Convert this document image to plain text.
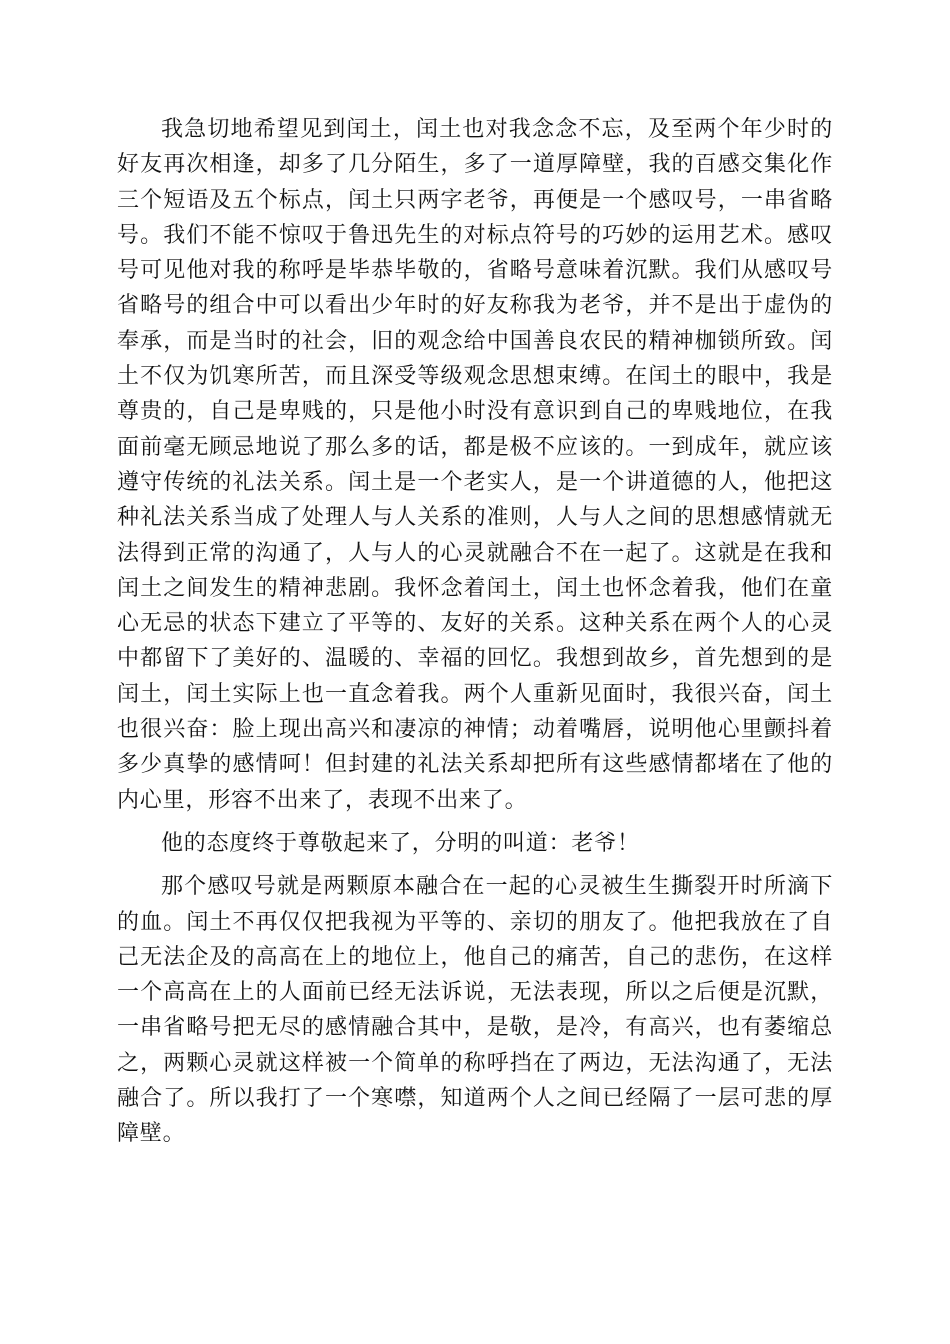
我急切地希望见到闰土，闰土也对我念念不忘，及至两个年少时的好友再次相逢，却多了几分陌生，多了一道厚障壁，我的百感交集化作三个短语及五个标点，闰土只两字老爷，再便是一个感叹号，一串省略号。我们不能不惊叹于鲁迅先生的对标点符号的巧妙的运用艺术。感叹号可见他对我的称呼是毕恭毕敬的，省略号意味着沉默。我们从感叹号省略号的组合中可以看出少年时的好友称我为老爷，并不是出于虚伪的奉承，而是当时的社会，旧的观念给中国善良农民的精神枷锁所致。闰土不仅为饥寒所苦，而且深受等级观念思想束缚。在闰土的眼中，我是尊贵的，自己是卑贱的，只是他小时没有意识到自己的卑贱地位，在我面前毫无顾忌地说了那么多的话，都是极不应该的。一到成年，就应该遵守传统的礼法关系。闰土是一个老实人，是一个讲道德的人，他把这种礼法关系当成了处理人与人关系的准则，人与人之间的思想感情就无法得到正常的沟通了，人与人的心灵就融合不在一起了。这就是在我和闰土之间发生的精神悲剧。我怀念着闰土，闰土也怀念着我，他们在童心无忌的状态下建立了平等的、友好的关系。这种关系在两个人的心灵中都留下了美好的、温暖的、幸福的回忆。我想到故乡，首先想到的是闰土，闰土实际上也一直念着我。两个人重新见面时，我很兴奋，闰土也很兴奋：脸上现出高兴和凄凉的神情；动着嘴唇，说明他心里颤抖着多少真挚的感情呵！但封建的礼法关系却把所有这些感情都堵在了他的内心里，形容不出来了，表现不出来了。

他的态度终于尊敬起来了，分明的叫道：老爷！

那个感叹号就是两颗原本融合在一起的心灵被生生撕裂开时所滴下的血。闰土不再仅仅把我视为平等的、亲切的朋友了。他把我放在了自己无法企及的高高在上的地位上，他自己的痛苦，自己的悲伤，在这样一个高高在上的人面前已经无法诉说，无法表现，所以之后便是沉默，一串省略号把无尽的感情融合其中，是敬，是冷，有高兴，也有萎缩总之，两颗心灵就这样被一个简单的称呼挡在了两边，无法沟通了，无法融合了。所以我打了一个寒噤，知道两个人之间已经隔了一层可悲的厚障壁。
